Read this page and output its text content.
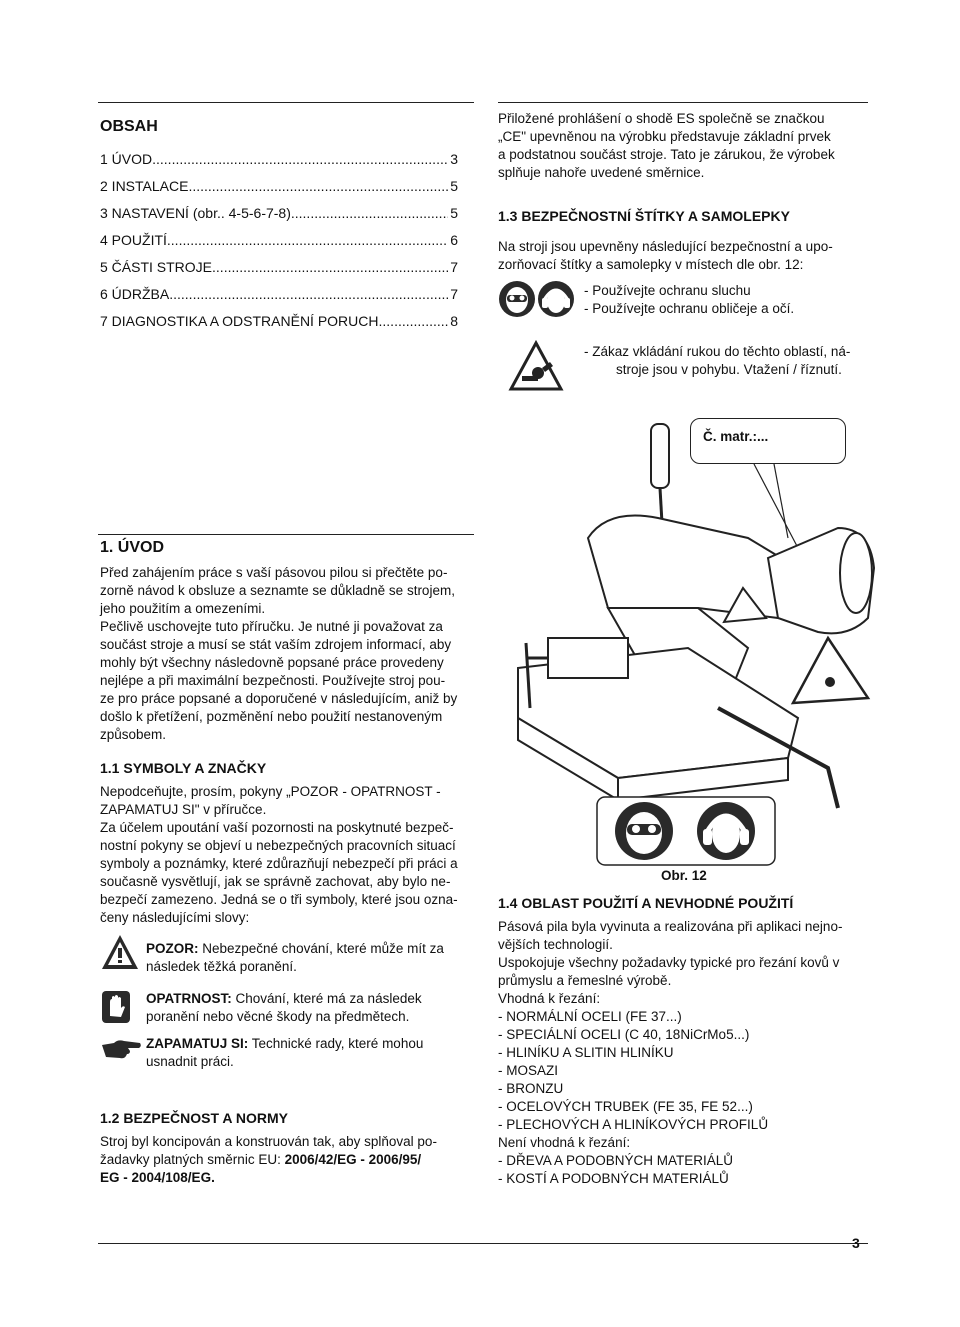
OBSAH
1 ÚVOD .....	3
2 INSTALACE .....	5
3 NASTAVENÍ (obr.. 4-5-6-7-8) .....	5
4 POUŽITÍ .....	6
5 ČÁSTI STROJE .....	7
6 ÚDRŽBA .....	7
7 DIAGNOSTIKA A ODSTRANĚNÍ PORUCH .....	8

Přiložené prohlášení o shodě ES společně se značkou

„CE" upevněnou na výrobku představuje základní prvek

a podstatnou součást stroje. Tato je zárukou, že výrobek

splňuje nahoře uvedené směrnice.

1.3 BEZPEČNOSTNÍ ŠTÍTKY A SAMOLEPKY

Na stroji jsou upevněny následující bezpečnostní a upo-

zorňovací štítky a samolepky v místech dle obr. 12:

- Používejte ochranu sluchu

- Používejte ochranu obličeje a očí.

- Zákaz vkládání rukou do těchto oblastí, ná-

stroje jsou v pohybu. Vtažení / říznutí.

Č. matr.:...
Obr. 12
1. ÚVOD

Před zahájením práce s vaší pásovou pilou si přečtěte po-

zorně návod k obsluze a seznamte se důkladně se strojem,

jeho použitím a omezeními.

Pečlivě uschovejte tuto příručku. Je nutné ji považovat za

součást stroje a musí se stát vaším zdrojem informací, aby

mohly být všechny následovně popsané práce provedeny

nejlépe a při maximální bezpečnosti. Používejte stroj pou-

ze pro práce popsané a doporučené v následujícím, aniž by

došlo k přetížení, pozměnění nebo použití nestanoveným

způsobem.

1.1 SYMBOLY A ZNAČKY

Nepodceňujte, prosím, pokyny „POZOR - OPATRNOST -

ZAPAMATUJ SI" v příručce.

Za účelem upoutání vaší pozornosti na poskytnuté bezpeč-

nostní pokyny se objeví u nebezpečných pracovních situací

symboly a poznámky, které zdůrazňují nebezpečí při práci a

současně vysvětlují, jak se správně zachovat, aby bylo ne-

bezpečí zamezeno. Jedná se o tři symboly, které jsou ozna-

čeny následujícími slovy:

POZOR: Nebezpečné chování, které může mít za

následek těžká poranění.

OPATRNOST: Chování, které má za následek

poranění nebo věcné škody na předmětech.

ZAPAMATUJ SI: Technické rady, které mohou

usnadnit práci.

1.2 BEZPEČNOST A NORMY

Stroj byl koncipován a konstruován tak, aby splňoval po-

žadavky platných směrnic EU: 2006/42/EG - 2006/95/

EG - 2004/108/EG.

1.4 OBLAST POUŽITÍ A NEVHODNÉ POUŽITÍ

Pásová pila byla vyvinuta a realizována při aplikaci nejno-

vějších technologií.

Uspokojuje všechny požadavky typické pro řezání kovů v

průmyslu a řemeslné výrobě.

Vhodná k řezání:

- NORMÁLNÍ OCELI (FE 37...)

- SPECIÁLNÍ OCELI (C 40, 18NiCrMo5...)

- HLINÍKU A SLITIN HLINÍKU

- MOSAZI

- BRONZU

- OCELOVÝCH TRUBEK (FE 35, FE 52...)

- PLECHOVÝCH A HLINÍKOVÝCH PROFILŮ

Není vhodná k řezání:

- DŘEVA A PODOBNÝCH MATERIÁLŮ

- KOSTÍ A PODOBNÝCH MATERIÁLŮ

3
